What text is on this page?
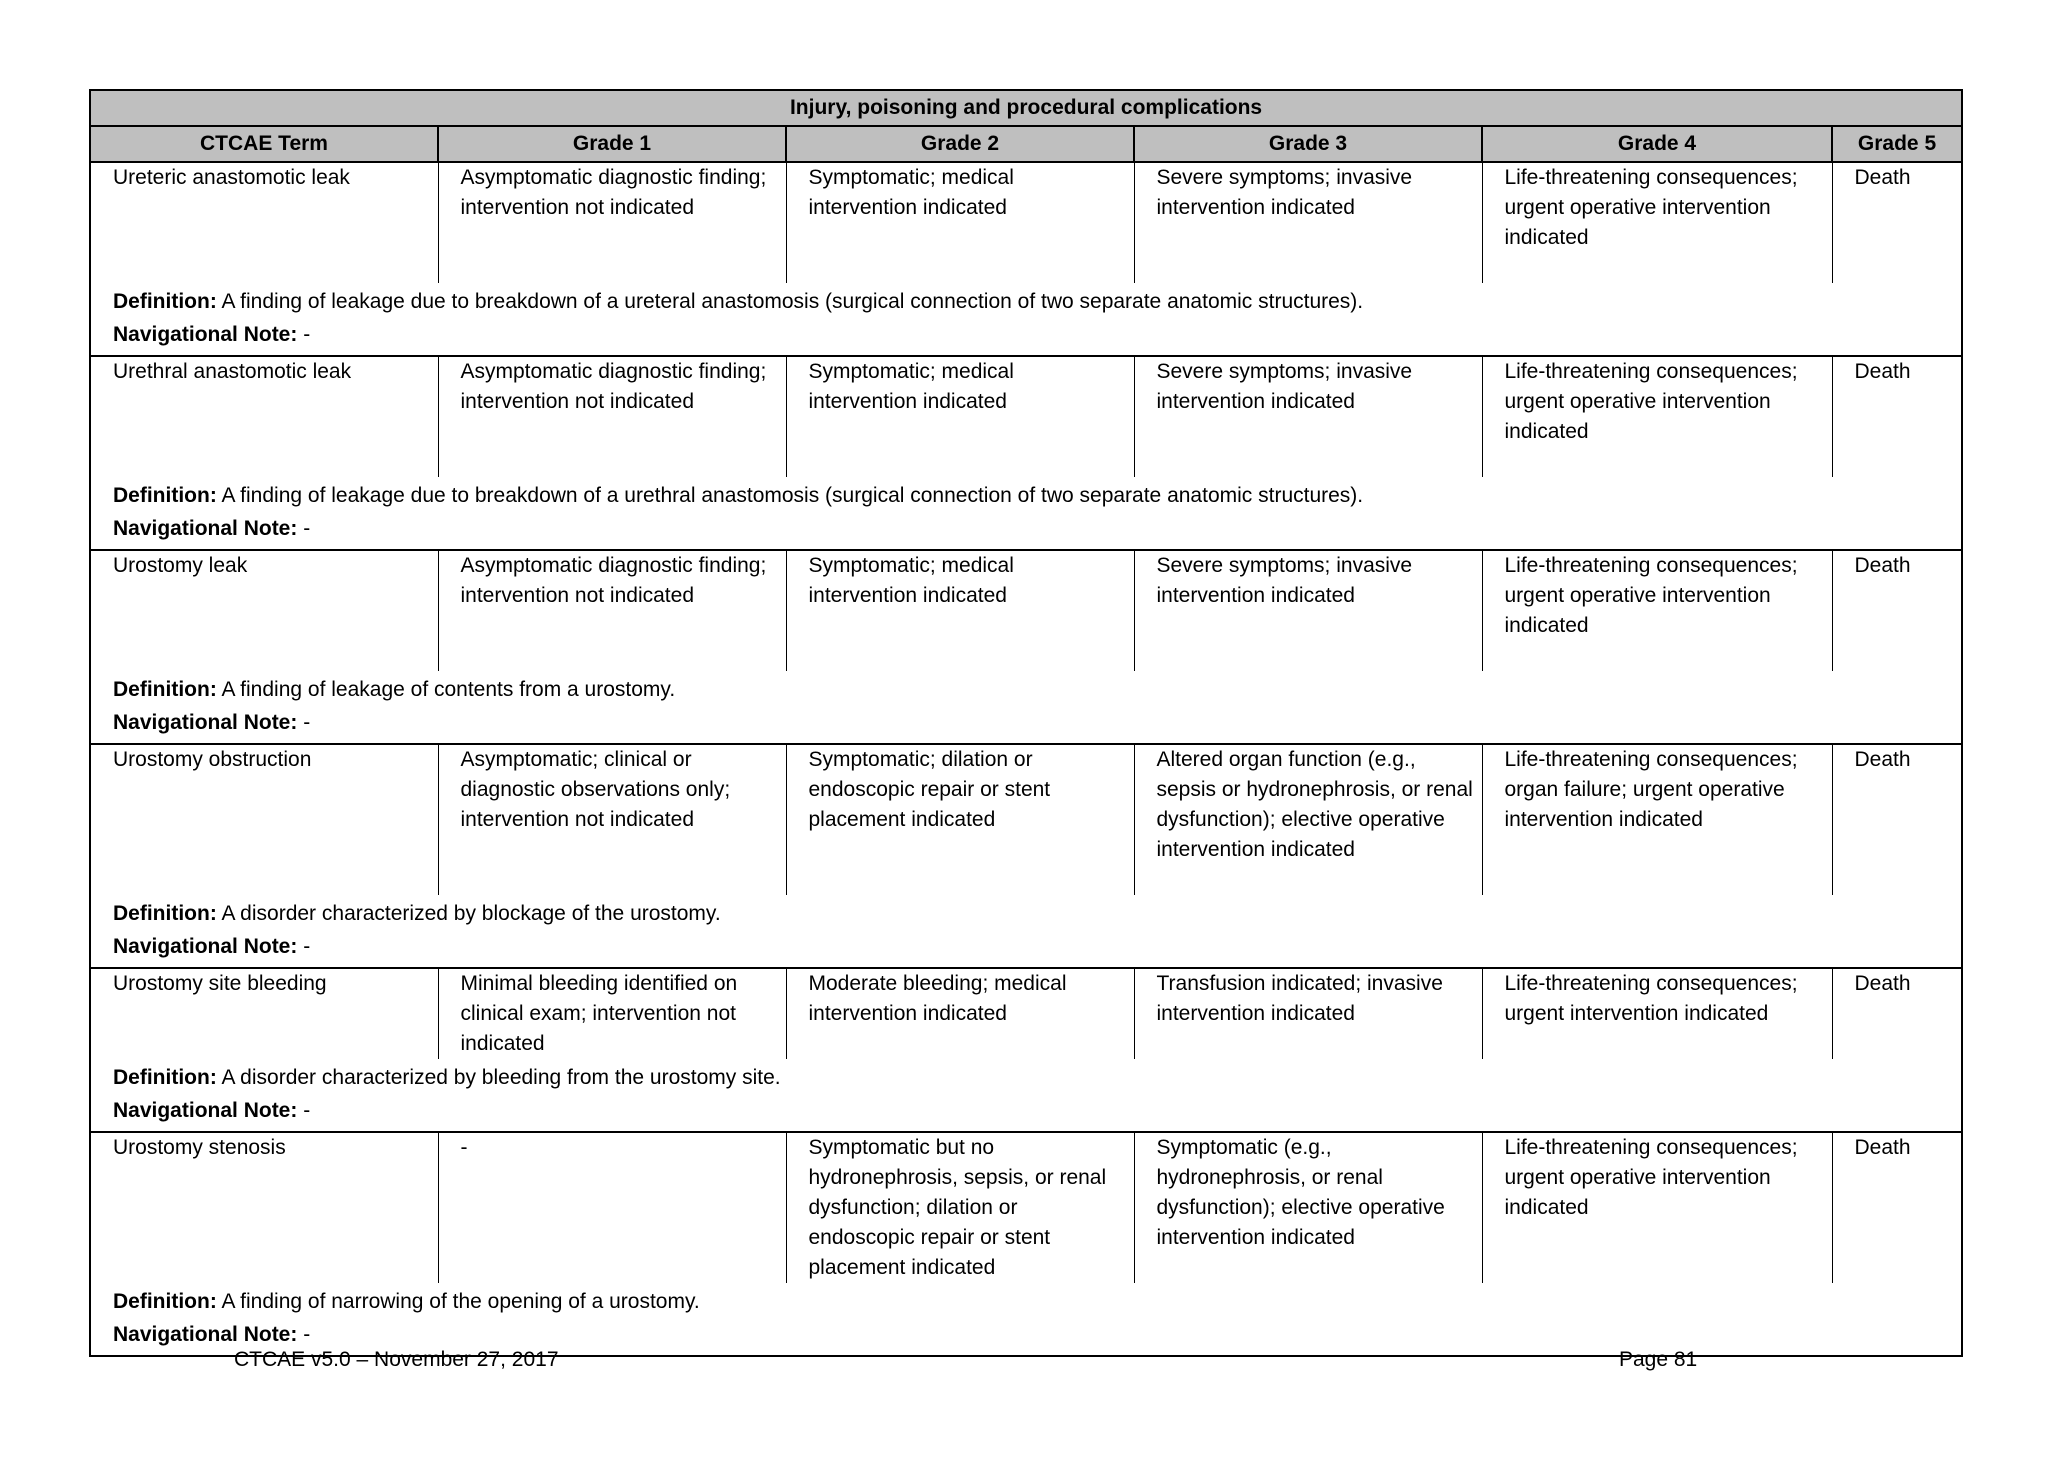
Injury, poisoning and procedural complications					
CTCAE Term	Grade 1	Grade 2	Grade 3	Grade 4	Grade 5
Ureteric anastomotic leak	Asymptomatic diagnostic finding; intervention not indicated	Symptomatic; medical intervention indicated	Severe symptoms; invasive intervention indicated	Life-threatening consequences; urgent operative intervention indicated	Death

Definition: A finding of leakage due to breakdown of a ureteral anastomosis (surgical connection of two separate anatomic structures).
Navigational Note: -					

Urethral anastomotic leak	Asymptomatic diagnostic finding; intervention not indicated	Symptomatic; medical intervention indicated	Severe symptoms; invasive intervention indicated	Life-threatening consequences; urgent operative intervention indicated	Death

Definition: A finding of leakage due to breakdown of a urethral anastomosis (surgical connection of two separate anatomic structures).
Navigational Note: -					

Urostomy leak	Asymptomatic diagnostic finding; intervention not indicated	Symptomatic; medical intervention indicated	Severe symptoms; invasive intervention indicated	Life-threatening consequences; urgent operative intervention indicated	Death

Definition: A finding of leakage of contents from a urostomy.
Navigational Note: -					

Urostomy obstruction	Asymptomatic; clinical or diagnostic observations only; intervention not indicated	Symptomatic; dilation or endoscopic repair or stent placement indicated	Altered organ function (e.g., sepsis or hydronephrosis, or renal dysfunction); elective operative intervention indicated	Life-threatening consequences; organ failure; urgent operative intervention indicated	Death

Definition: A disorder characterized by blockage of the urostomy.
Navigational Note: -					

Urostomy site bleeding	Minimal bleeding identified on clinical exam; intervention not indicated	Moderate bleeding; medical intervention indicated	Transfusion indicated; invasive intervention indicated	Life-threatening consequences; urgent intervention indicated	Death

Definition: A disorder characterized by bleeding from the urostomy site.
Navigational Note: -					

Urostomy stenosis	-	Symptomatic but no hydronephrosis, sepsis, or renal dysfunction; dilation or endoscopic repair or stent placement indicated	Symptomatic (e.g., hydronephrosis, or renal dysfunction); elective operative intervention indicated	Life-threatening consequences; urgent operative intervention indicated	Death

Definition: A finding of narrowing of the opening of a urostomy.
Navigational Note: -					
CTCAE v5.0 – November 27, 2017	Page 81
